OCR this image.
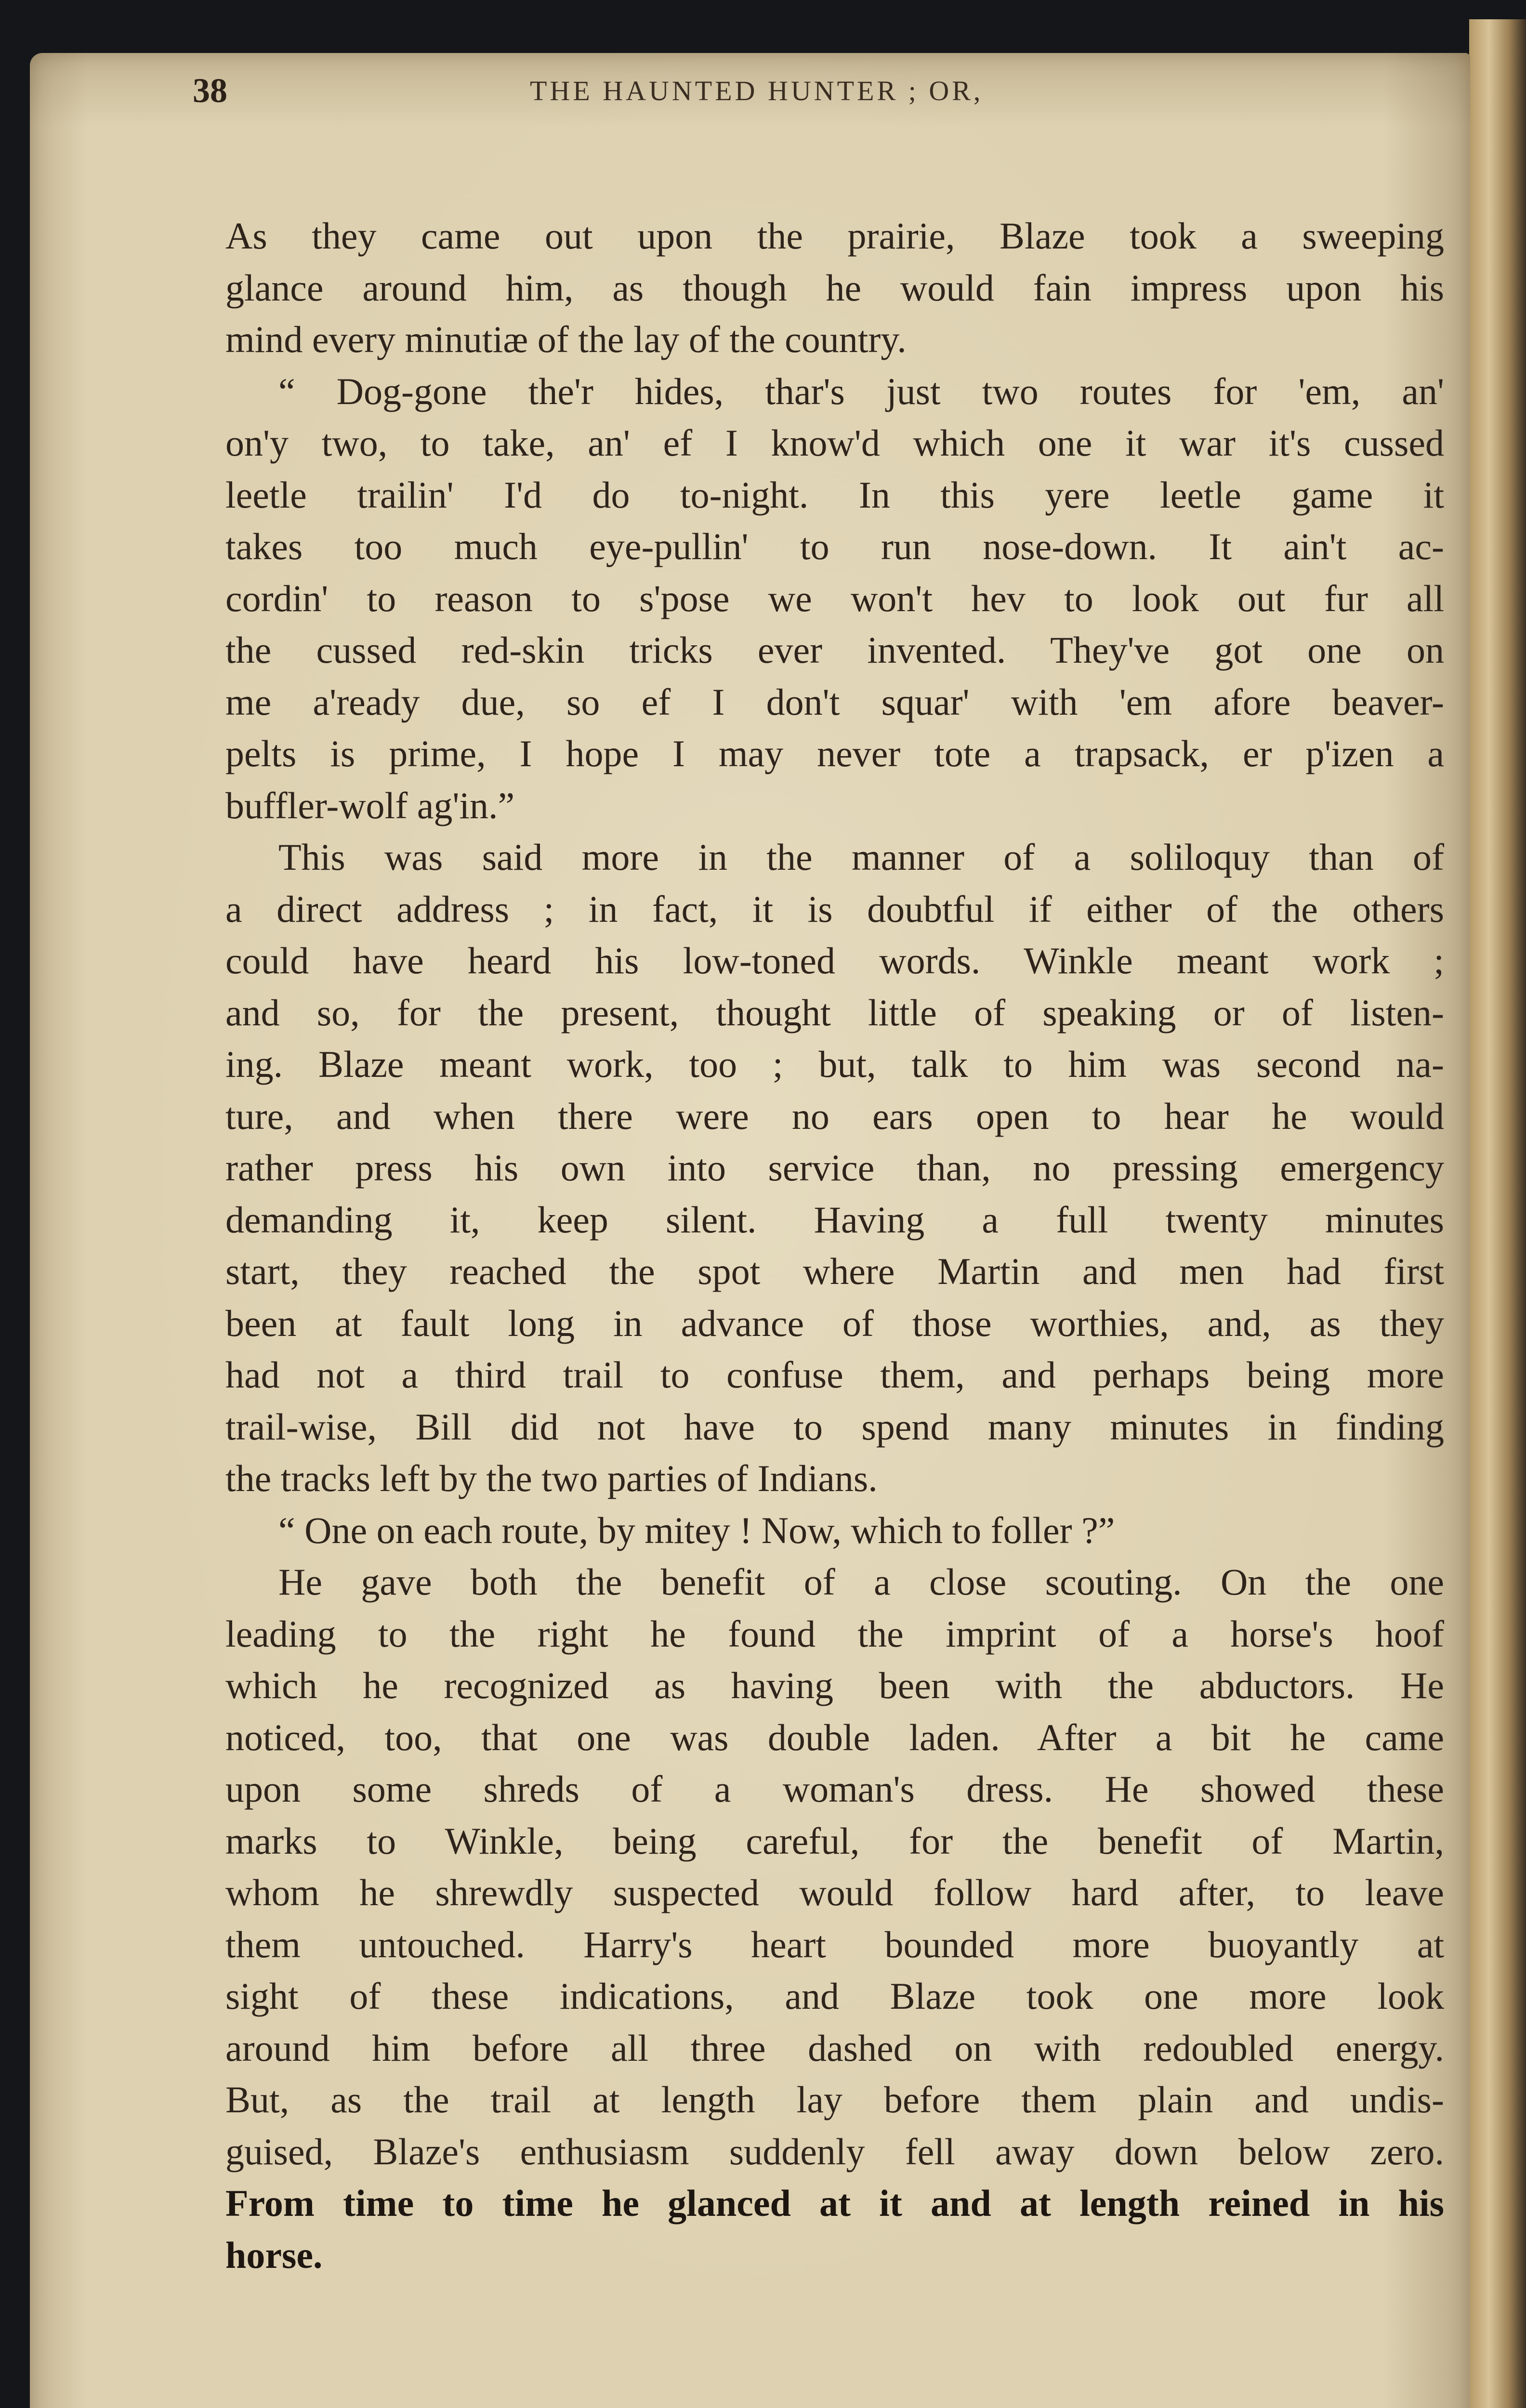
38	THE HAUNTED HUNTER ; OR,
As they came out upon the prairie, Blaze took a sweeping
glance around him, as though he would fain impress upon his
mind every minutiæ of the lay of the country.
“ Dog-gone the'r hides, thar's just two routes for 'em, an'
on'y two, to take, an' ef I know'd which one it war it's cussed
leetle trailin' I'd do to-night. In this yere leetle game it
takes too much eye-pullin' to run nose-down. It ain't ac-
cordin' to reason to s'pose we won't hev to look out fur all
the cussed red-skin tricks ever invented. They've got one on
me a'ready due, so ef I don't squar' with 'em afore beaver-
pelts is prime, I hope I may never tote a trapsack, er p'izen a
buffler-wolf ag'in.”
This was said more in the manner of a soliloquy than of
a direct address ; in fact, it is doubtful if either of the others
could have heard his low-toned words. Winkle meant work ;
and so, for the present, thought little of speaking or of listen-
ing. Blaze meant work, too ; but, talk to him was second na-
ture, and when there were no ears open to hear he would
rather press his own into service than, no pressing emergency
demanding it, keep silent. Having a full twenty minutes
start, they reached the spot where Martin and men had first
been at fault long in advance of those worthies, and, as they
had not a third trail to confuse them, and perhaps being more
trail-wise, Bill did not have to spend many minutes in finding
the tracks left by the two parties of Indians.
“ One on each route, by mitey ! Now, which to foller ?”
He gave both the benefit of a close scouting. On the one
leading to the right he found the imprint of a horse's hoof
which he recognized as having been with the abductors. He
noticed, too, that one was double laden. After a bit he came
upon some shreds of a woman's dress. He showed these
marks to Winkle, being careful, for the benefit of Martin,
whom he shrewdly suspected would follow hard after, to leave
them untouched. Harry's heart bounded more buoyantly at
sight of these indications, and Blaze took one more look
around him before all three dashed on with redoubled energy.
But, as the trail at length lay before them plain and undis-
guised, Blaze's enthusiasm suddenly fell away down below zero.
From time to time he glanced at it and at length reined in his
horse.
